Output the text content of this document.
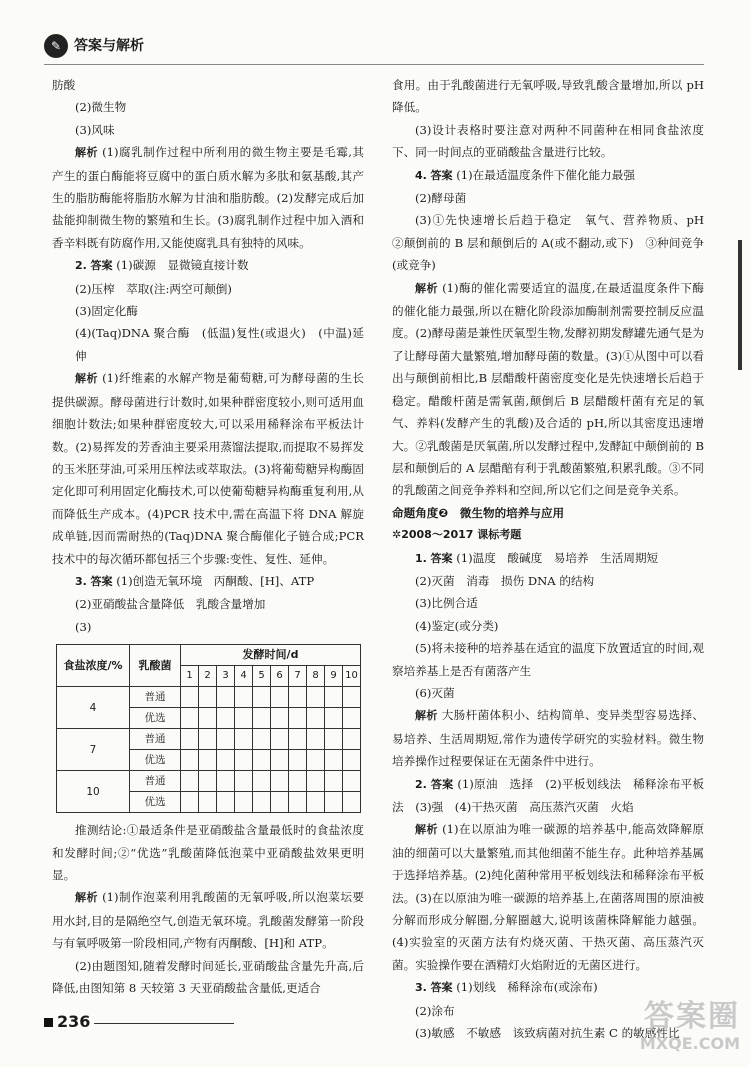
✎ 答案与解析

肪酸

(2)微生物

(3)风味

解析 (1)腐乳制作过程中所利用的微生物主要是毛霉,其产生的蛋白酶能将豆腐中的蛋白质水解为多肽和氨基酸,其产生的脂肪酶能将脂肪水解为甘油和脂肪酸。(2)发酵完成后加盐能抑制微生物的繁殖和生长。(3)腐乳制作过程中加入酒和香辛料既有防腐作用,又能使腐乳具有独特的风味。

2. 答案 (1)碳源　显微镜直接计数

(2)压榨　萃取(注:两空可颠倒)

(3)固定化酶

(4)(Taq)DNA 聚合酶　(低温)复性(或退火)　(中温)延伸

解析 (1)纤维素的水解产物是葡萄糖,可为酵母菌的生长提供碳源。酵母菌进行计数时,如果种群密度较小,则可适用血细胞计数法;如果种群密度较大,可以采用稀释涂布平板法计数。(2)易挥发的芳香油主要采用蒸馏法提取,而提取不易挥发的玉米胚芽油,可采用压榨法或萃取法。(3)将葡萄糖异构酶固定化即可利用固定化酶技术,可以使葡萄糖异构酶重复利用,从而降低生产成本。(4)PCR 技术中,需在高温下将 DNA 解旋成单链,因而需耐热的(Taq)DNA 聚合酶催化子链合成;PCR 技术中的每次循环都包括三个步骤:变性、复性、延伸。

3. 答案 (1)创造无氧环境　丙酮酸、[H]、ATP

(2)亚硝酸盐含量降低　乳酸含量增加

(3)

食盐浓度/%	乳酸菌	发酵时间/d									
		1	2	3	4	5	6	7	8	9	10
4	普通										
	优选										
7	普通										
	优选										
10	普通										
	优选										

推测结论:①最适条件是亚硝酸盐含量最低时的食盐浓度和发酵时间;②“优选”乳酸菌降低泡菜中亚硝酸盐效果更明显。

解析 (1)制作泡菜利用乳酸菌的无氧呼吸,所以泡菜坛要用水封,目的是隔绝空气,创造无氧环境。乳酸菌发酵第一阶段与有氧呼吸第一阶段相同,产物有丙酮酸、[H]和 ATP。

(2)由题图知,随着发酵时间延长,亚硝酸盐含量先升高,后降低,由图知第 8 天较第 3 天亚硝酸盐含量低,更适合

食用。由于乳酸菌进行无氧呼吸,导致乳酸含量增加,所以 pH 降低。

(3)设计表格时要注意对两种不同菌种在相同食盐浓度下、同一时间点的亚硝酸盐含量进行比较。

4. 答案 (1)在最适温度条件下催化能力最强

(2)酵母菌

(3)①先快速增长后趋于稳定　氧气、营养物质、pH　②颠倒前的 B 层和颠倒后的 A(或不翻动,或下)　③种间竞争(或竞争)

解析 (1)酶的催化需要适宜的温度,在最适温度条件下酶的催化能力最强,所以在糖化阶段添加酶制剂需要控制反应温度。(2)酵母菌是兼性厌氧型生物,发酵初期发酵罐先通气是为了让酵母菌大量繁殖,增加酵母菌的数量。(3)①从图中可以看出与颠倒前相比,B 层醋酸杆菌密度变化是先快速增长后趋于稳定。醋酸杆菌是需氧菌,颠倒后 B 层醋酸杆菌有充足的氧气、养料(发酵产生的乳酸)及合适的 pH,所以其密度迅速增大。②乳酸菌是厌氧菌,所以发酵过程中,发酵缸中颠倒前的 B 层和颠倒后的 A 层醋醅有利于乳酸菌繁殖,积累乳酸。③不同的乳酸菌之间竞争养料和空间,所以它们之间是竞争关系。

命题角度❷　微生物的培养与应用

✲2008～2017 课标考题

1. 答案 (1)温度　酸碱度　易培养　生活周期短

(2)灭菌　消毒　损伤 DNA 的结构

(3)比例合适

(4)鉴定(或分类)

(5)将未接种的培养基在适宜的温度下放置适宜的时间,观察培养基上是否有菌落产生

(6)灭菌

解析 大肠杆菌体积小、结构简单、变异类型容易选择、易培养、生活周期短,常作为遗传学研究的实验材料。微生物培养操作过程要保证在无菌条件中进行。

2. 答案 (1)原油　选择　(2)平板划线法　稀释涂布平板法　(3)强　(4)干热灭菌　高压蒸汽灭菌　火焰

解析 (1)在以原油为唯一碳源的培养基中,能高效降解原油的细菌可以大量繁殖,而其他细菌不能生存。此种培养基属于选择培养基。(2)纯化菌种常用平板划线法和稀释涂布平板法。(3)在以原油为唯一碳源的培养基上,在菌落周围的原油被分解而形成分解圈,分解圈越大,说明该菌株降解能力越强。(4)实验室的灭菌方法有灼烧灭菌、干热灭菌、高压蒸汽灭菌。实验操作要在酒精灯火焰附近的无菌区进行。

3. 答案 (1)划线　稀释涂布(或涂布)

(2)涂布

(3)敏感　不敏感　该致病菌对抗生素 C 的敏感性比

236	答案圈
MXQE.COM
